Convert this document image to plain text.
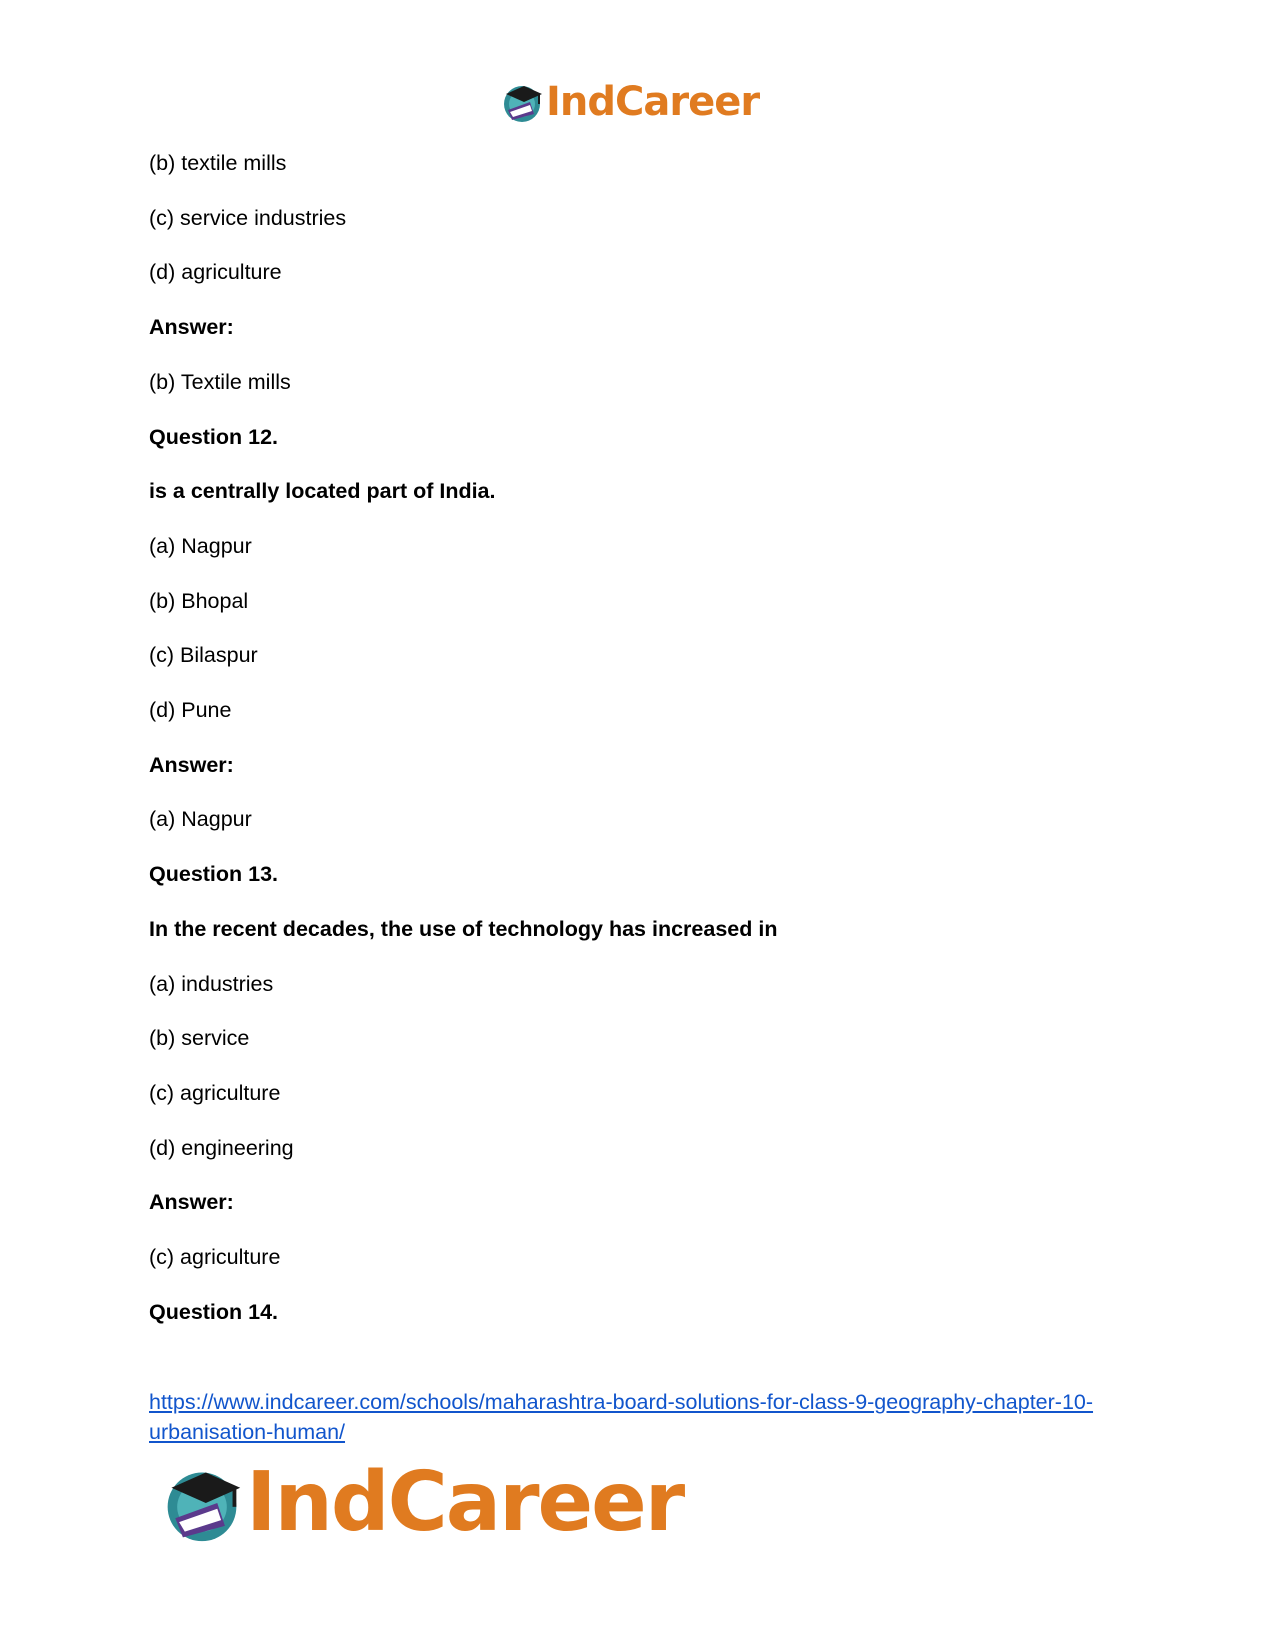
IndCareer
(b) textile mills
(c) service industries
(d) agriculture
Answer:
(b) Textile mills
Question 12.
is a centrally located part of India.
(a) Nagpur
(b) Bhopal
(c) Bilaspur
(d) Pune
Answer:
(a) Nagpur
Question 13.
In the recent decades, the use of technology has increased in
(a) industries
(b) service
(c) agriculture
(d) engineering
Answer:
(c) agriculture
Question 14.
https://www.indcareer.com/schools/maharashtra-board-solutions-for-class-9-geography-chapter-10-urbanisation-human/
IndCareer
